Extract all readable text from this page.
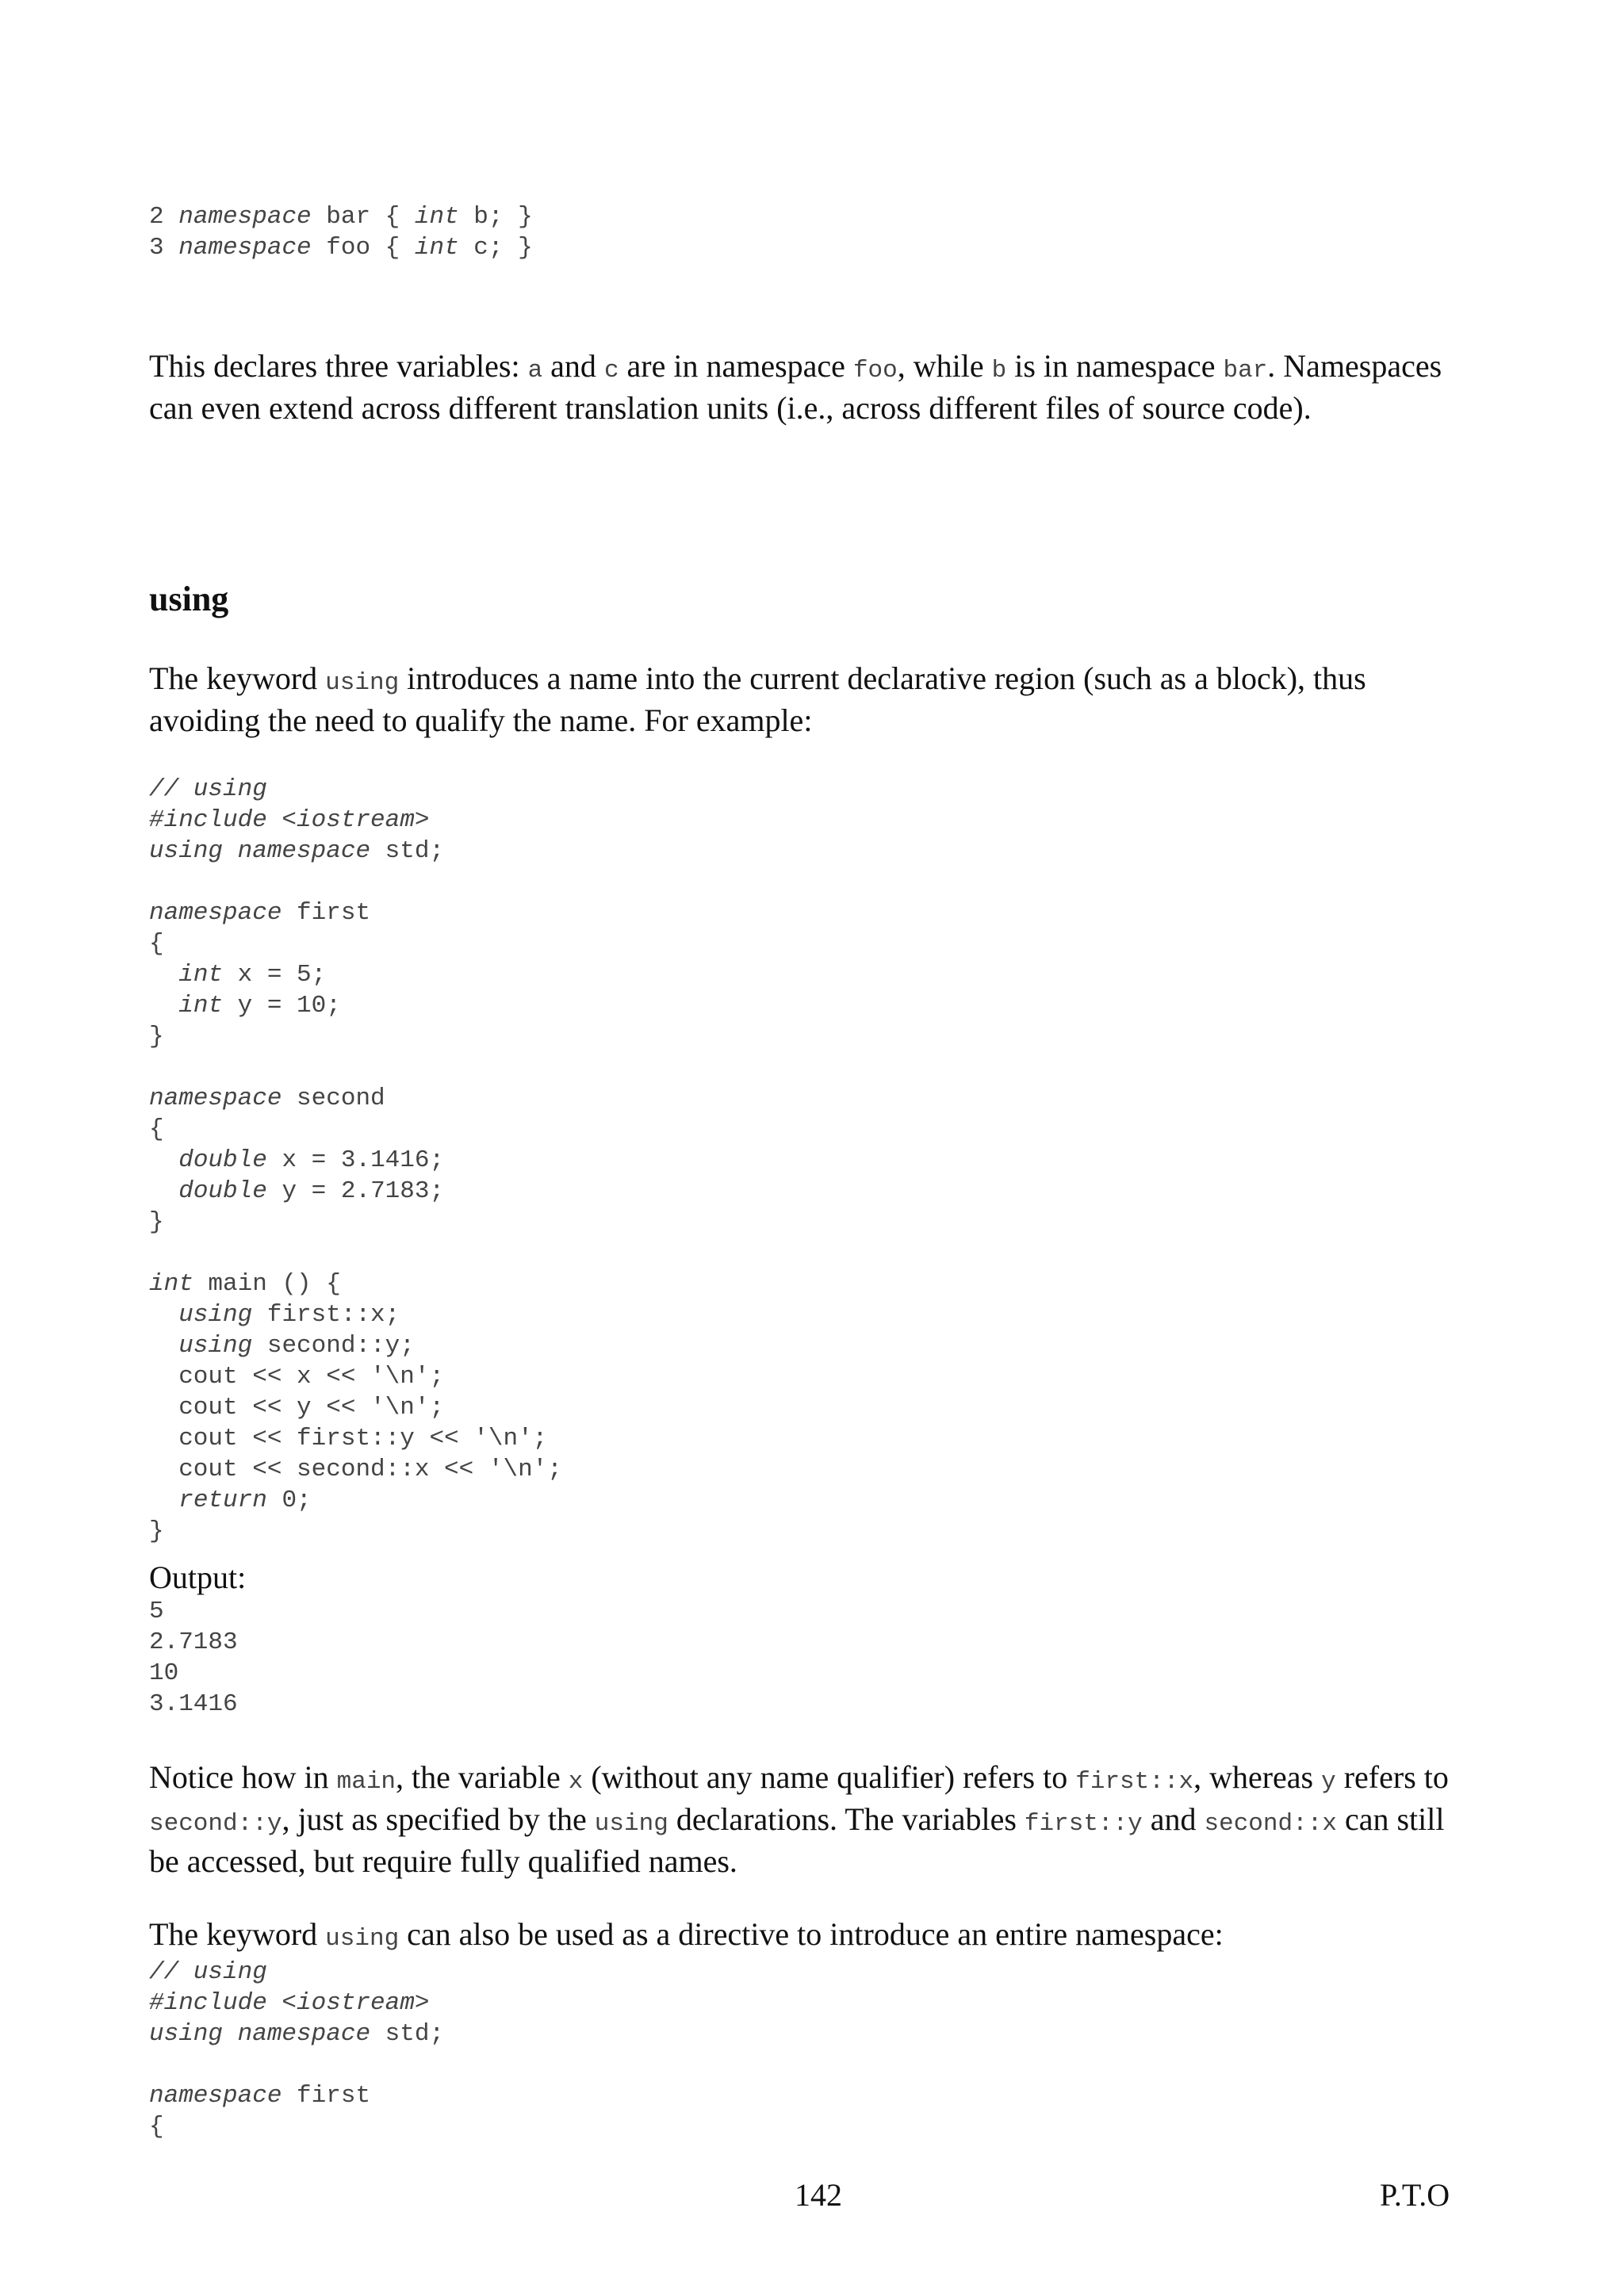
2 namespace bar { int b; }
3 namespace foo { int c; }

This declares three variables: a and c are in namespace foo, while b is in namespace bar. Namespaces can even extend across different translation units (i.e., across different files of source code).

using

The keyword using introduces a name into the current declarative region (such as a block), thus avoiding the need to qualify the name. For example:

// using
#include <iostream>
using namespace std;

namespace first
{
int x = 5;
int y = 10;
}

namespace second
{
double x = 3.1416;
double y = 2.7183;
}

int main () {
using first::x;
using second::y;
cout << x << '\n';
cout << y << '\n';
cout << first::y << '\n';
cout << second::x << '\n';
return 0;
}

Output:

5
2.7183
10
3.1416

Notice how in main, the variable x (without any name qualifier) refers to first::x, whereas y refers to second::y, just as specified by the using declarations. The variables first::y and second::x can still be accessed, but require fully qualified names.

The keyword using can also be used as a directive to introduce an entire namespace:

// using
#include <iostream>
using namespace std;

namespace first
{
142	P.T.O
